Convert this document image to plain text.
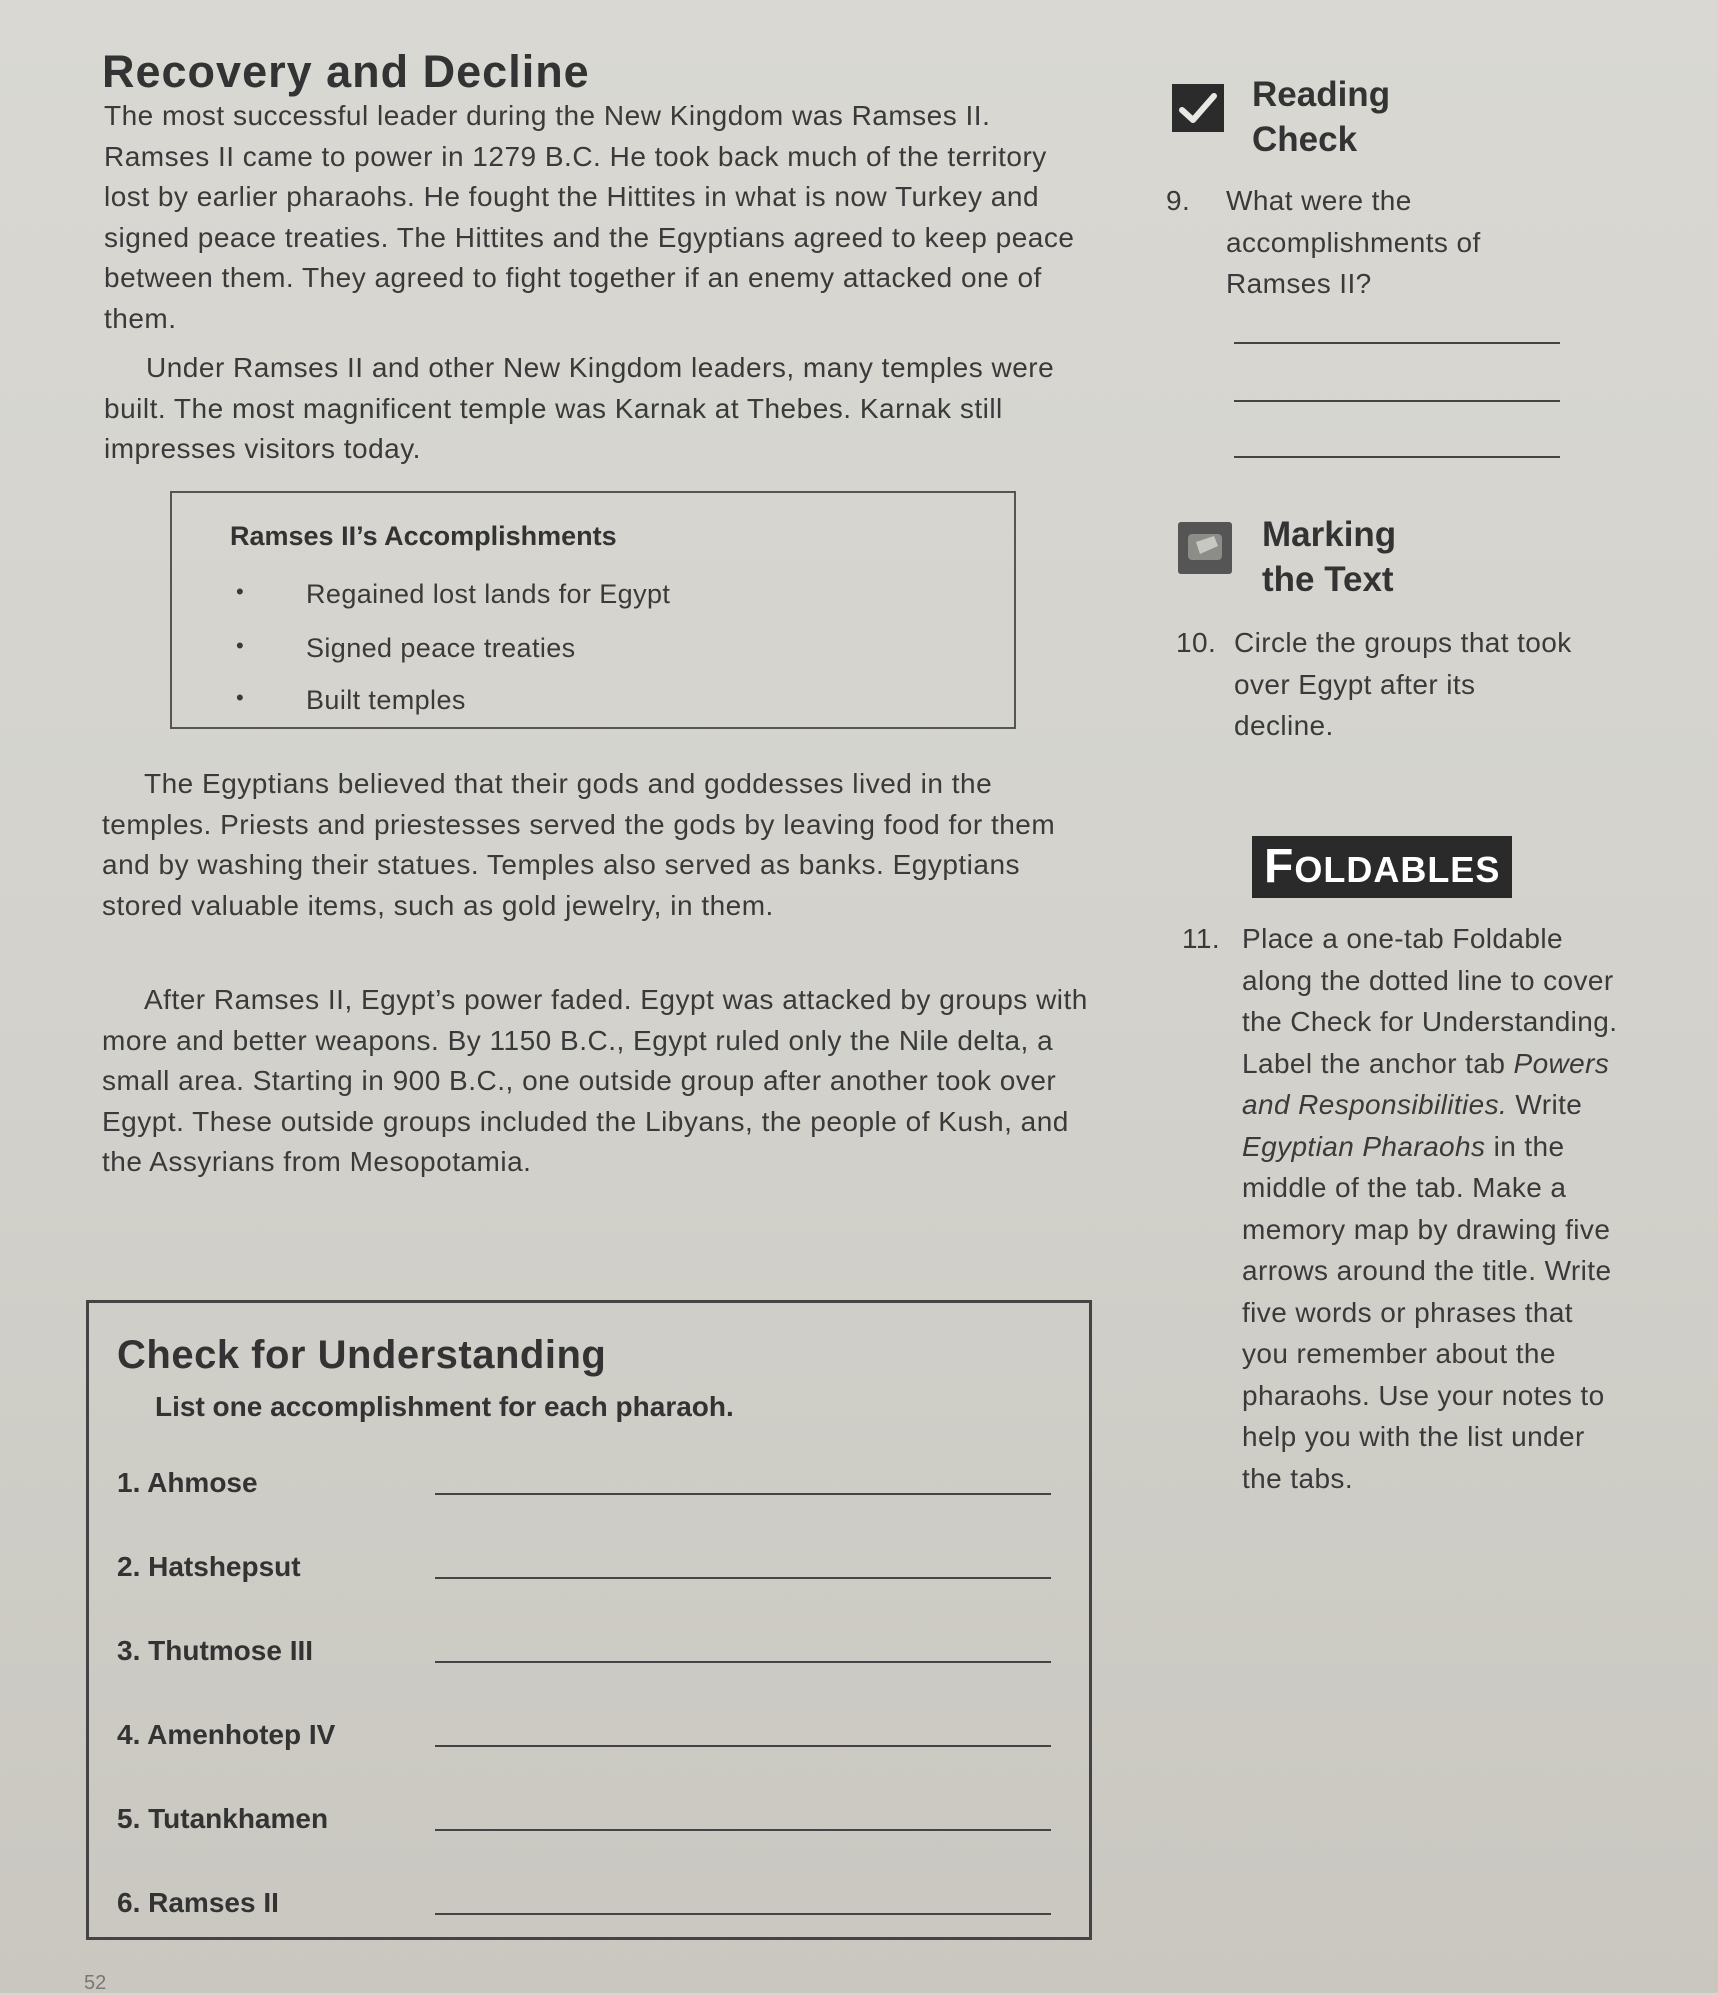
Recovery and Decline

The most successful leader during the New Kingdom was Ramses II. Ramses II came to power in 1279 B.C. He took back much of the territory lost by earlier pharaohs. He fought the Hittites in what is now Turkey and signed peace treaties. The Hittites and the Egyptians agreed to keep peace between them. They agreed to fight together if an enemy attacked one of them.

Under Ramses II and other New Kingdom leaders, many temples were built. The most magnificent temple was Karnak at Thebes. Karnak still impresses visitors today.

Ramses II’s Accomplishments
• Regained lost lands for Egypt
• Signed peace treaties
• Built temples

The Egyptians believed that their gods and goddesses lived in the temples. Priests and priestesses served the gods by leaving food for them and by washing their statues. Temples also served as banks. Egyptians stored valuable items, such as gold jewelry, in them.

After Ramses II, Egypt’s power faded. Egypt was attacked by groups with more and better weapons. By 1150 B.C., Egypt ruled only the Nile delta, a small area. Starting in 900 B.C., one outside group after another took over Egypt. These outside groups included the Libyans, the people of Kush, and the Assyrians from Mesopotamia.

Check for Understanding
List one accomplishment for each pharaoh.
1. Ahmose
2. Hatshepsut
3. Thutmose III
4. Amenhotep IV
5. Tutankhamen
6. Ramses II
Reading
Check
9. What were the accomplishments of Ramses II?
Marking
the Text
10. Circle the groups that took over Egypt after its decline.
FOLDABLES
11. Place a one-tab Foldable along the dotted line to cover the Check for Understanding. Label the anchor tab Powers and Responsibilities. Write Egyptian Pharaohs in the middle of the tab. Make a memory map by drawing five arrows around the title. Write five words or phrases that you remember about the pharaohs. Use your notes to help you with the list under the tabs.
52
